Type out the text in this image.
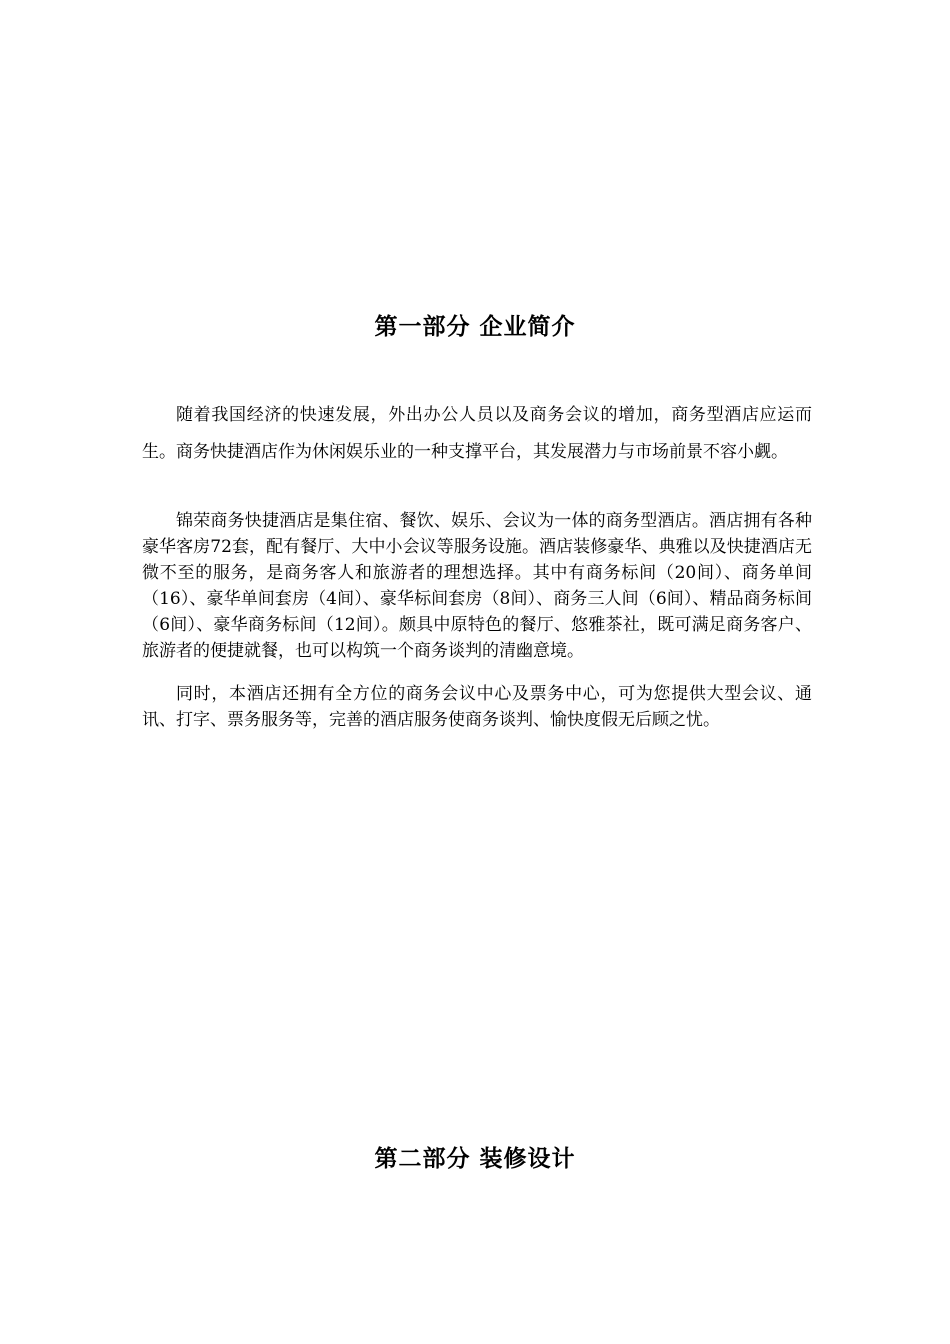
第一部分 企业简介

随着我国经济的快速发展，外出办公人员以及商务会议的增加，商务型酒店应运而生。商务快捷酒店作为休闲娱乐业的一种支撑平台，其发展潜力与市场前景不容小觑。

锦荣商务快捷酒店是集住宿、餐饮、娱乐、会议为一体的商务型酒店。酒店拥有各种豪华客房72套，配有餐厅、大中小会议等服务设施。酒店装修豪华、典雅以及快捷酒店无微不至的服务，是商务客人和旅游者的理想选择。其中有商务标间（20间）、商务单间（16）、豪华单间套房（4间）、豪华标间套房（8间）、商务三人间（6间）、精品商务标间（6间）、豪华商务标间（12间）。颇具中原特色的餐厅、悠雅茶社，既可满足商务客户、旅游者的便捷就餐，也可以构筑一个商务谈判的清幽意境。

同时，本酒店还拥有全方位的商务会议中心及票务中心，可为您提供大型会议、通讯、打字、票务服务等，完善的酒店服务使商务谈判、愉快度假无后顾之忧。

第二部分 装修设计
